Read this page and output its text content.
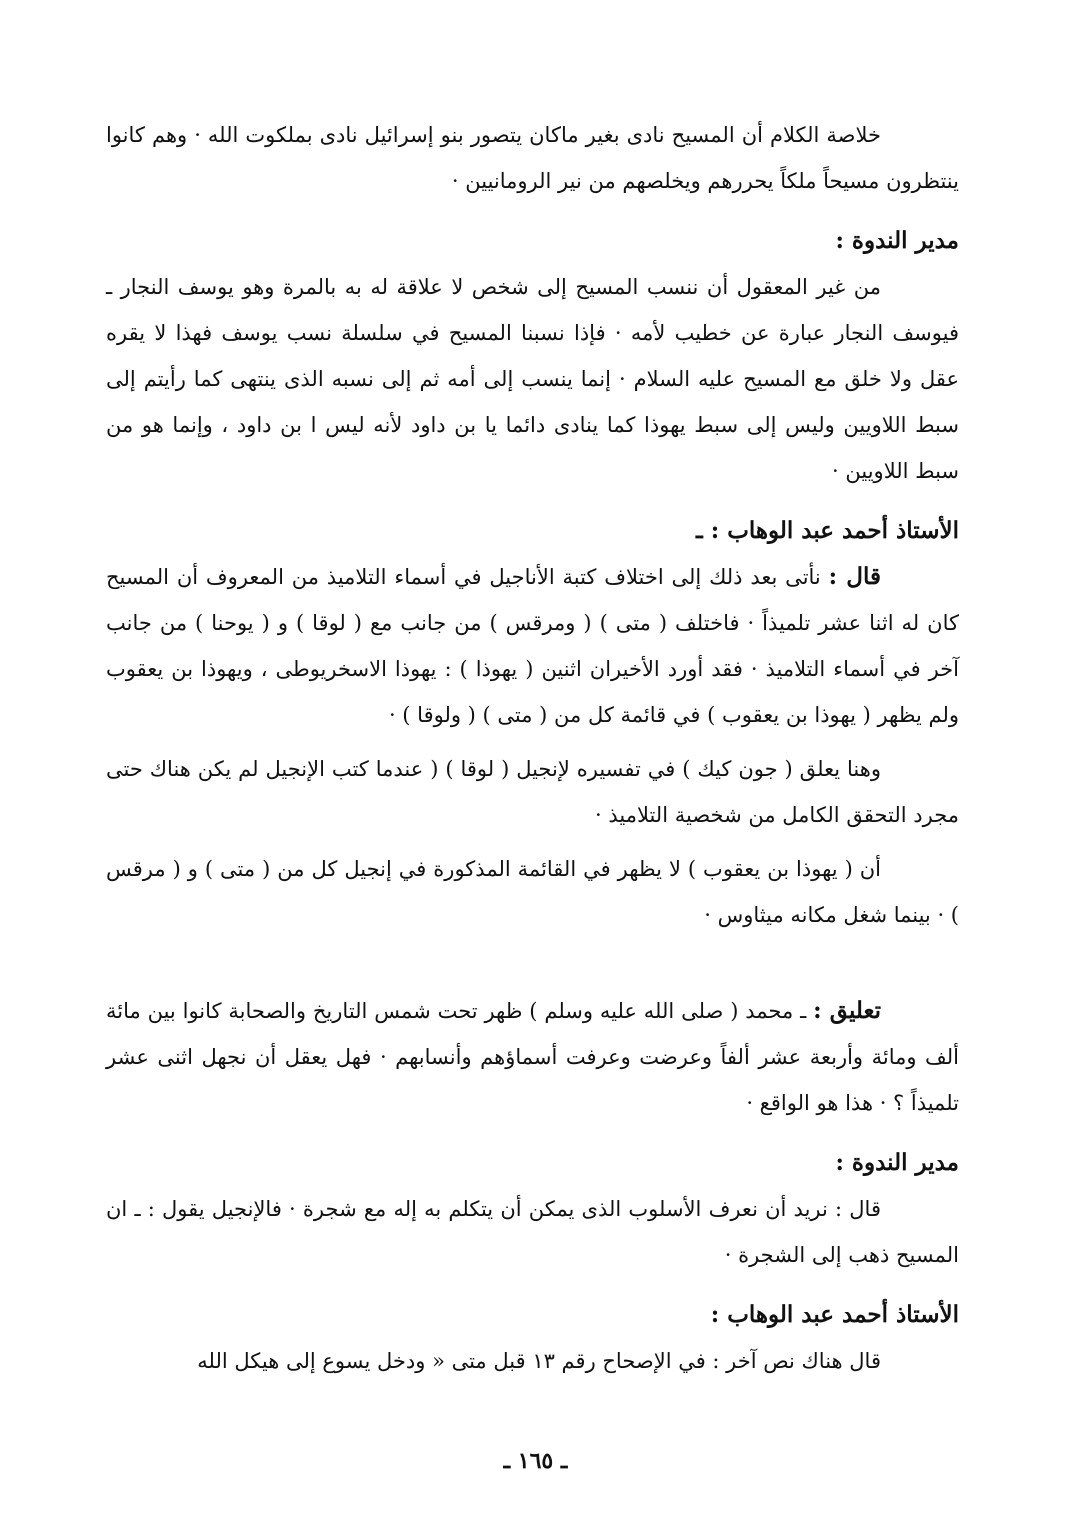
خلاصة الكلام أن المسيح نادى بغير ماكان يتصور بنو إسرائيل نادى بملكوت الله · وهم كانوا ينتظرون مسيحاً ملكاً يحررهم ويخلصهم من نير الرومانيين ·

مدير الندوة :

من غير المعقول أن ننسب المسيح إلى شخص لا علاقة له به بالمرة وهو يوسف النجار ـ فيوسف النجار عبارة عن خطيب لأمه · فإذا نسبنا المسيح في سلسلة نسب يوسف فهذا لا يقره عقل ولا خلق مع المسيح عليه السلام · إنما ينسب إلى أمه ثم إلى نسبه الذى ينتهى كما رأيتم إلى سبط اللاويين وليس إلى سبط يهوذا كما ينادى دائما يا بن داود لأنه ليس ا بن داود ، وإنما هو من سبط اللاويين ·

الأستاذ أحمد عبد الوهاب : ـ

قال : نأتى بعد ذلك إلى اختلاف كتبة الأناجيل في أسماء التلاميذ من المعروف أن المسيح كان له اثنا عشر تلميذاً · فاختلف ( متى ) ( ومرقس ) من جانب مع ( لوقا ) و ( يوحنا ) من جانب آخر في أسماء التلاميذ · فقد أورد الأخيران اثنين ( يهوذا ) : يهوذا الاسخريوطى ، ويهوذا بن يعقوب ولم يظهر ( يهوذا بن يعقوب ) في قائمة كل من ( متى ) ( ولوقا ) ·

وهنا يعلق ( جون كيك ) في تفسيره لإنجيل ( لوقا ) ( عندما كتب الإنجيل لم يكن هناك حتى مجرد التحقق الكامل من شخصية التلاميذ ·

أن ( يهوذا بن يعقوب ) لا يظهر في القائمة المذكورة في إنجيل كل من ( متى ) و ( مرقس ) · بينما شغل مكانه ميثاوس ·

تعليق : ـ محمد ( صلى الله عليه وسلم ) ظهر تحت شمس التاريخ والصحابة كانوا بين مائة ألف ومائة وأربعة عشر ألفاً وعرضت وعرفت أسماؤهم وأنسابهم · فهل يعقل أن نجهل اثنى عشر تلميذاً ؟ · هذا هو الواقع ·

مدير الندوة :

قال : نريد أن نعرف الأسلوب الذى يمكن أن يتكلم به إله مع شجرة · فالإنجيل يقول : ـ ان المسيح ذهب إلى الشجرة ·

الأستاذ أحمد عبد الوهاب :

قال هناك نص آخر : في الإصحاح رقم ١٣ قبل متى « ودخل يسوع إلى هيكل الله

ـ ١٦٥ ـ
